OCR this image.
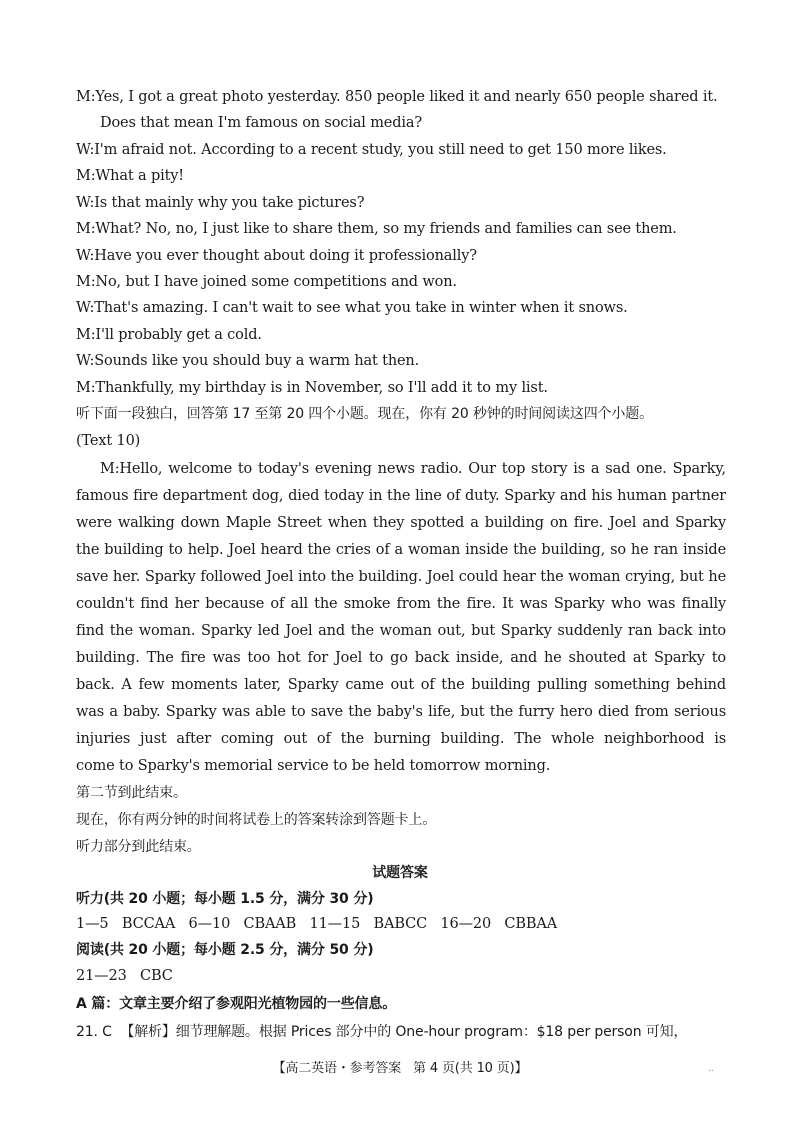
M:Yes, I got a great photo yesterday. 850 people liked it and nearly 650 people shared it.
Does that mean I'm famous on social media?
W:I'm afraid not. According to a recent study, you still need to get 150 more likes.
M:What a pity!
W:Is that mainly why you take pictures?
M:What? No, no, I just like to share them, so my friends and families can see them.
W:Have you ever thought about doing it professionally?
M:No, but I have joined some competitions and won.
W:That's amazing. I can't wait to see what you take in winter when it snows.
M:I'll probably get a cold.
W:Sounds like you should buy a warm hat then.
M:Thankfully, my birthday is in November, so I'll add it to my list.
听下面一段独白，回答第 17 至第 20 四个小题。现在，你有 20 秒钟的时间阅读这四个小题。
(Text 10)
M:Hello, welcome to today's evening news radio. Our top story is a sad one. Sparky,
famous fire department dog, died today in the line of duty. Sparky and his human partner
were walking down Maple Street when they spotted a building on fire. Joel and Sparky
the building to help. Joel heard the cries of a woman inside the building, so he ran inside
save her. Sparky followed Joel into the building. Joel could hear the woman crying, but he
couldn't find her because of all the smoke from the fire. It was Sparky who was finally
find the woman. Sparky led Joel and the woman out, but Sparky suddenly ran back into
building. The fire was too hot for Joel to go back inside, and he shouted at Sparky to
back. A few moments later, Sparky came out of the building pulling something behind
was a baby. Sparky was able to save the baby's life, but the furry hero died from serious
injuries just after coming out of the burning building. The whole neighborhood is
come to Sparky's memorial service to be held tomorrow morning.
第二节到此结束。
现在，你有两分钟的时间将试卷上的答案转涂到答题卡上。
听力部分到此结束。
试题答案
听力(共 20 小题；每小题 1.5 分，满分 30 分)
1—5   BCCAA   6—10   CBAAB   11—15   BABCC   16—20   CBBAA
阅读(共 20 小题；每小题 2.5 分，满分 50 分)
21—23   CBC
A 篇：文章主要介绍了参观阳光植物园的一些信息。
21. C  【解析】细节理解题。根据 Prices 部分中的 One-hour program：$18 per person 可知，
【高二英语・参考答案   第 4 页(共 10 页)】	..
